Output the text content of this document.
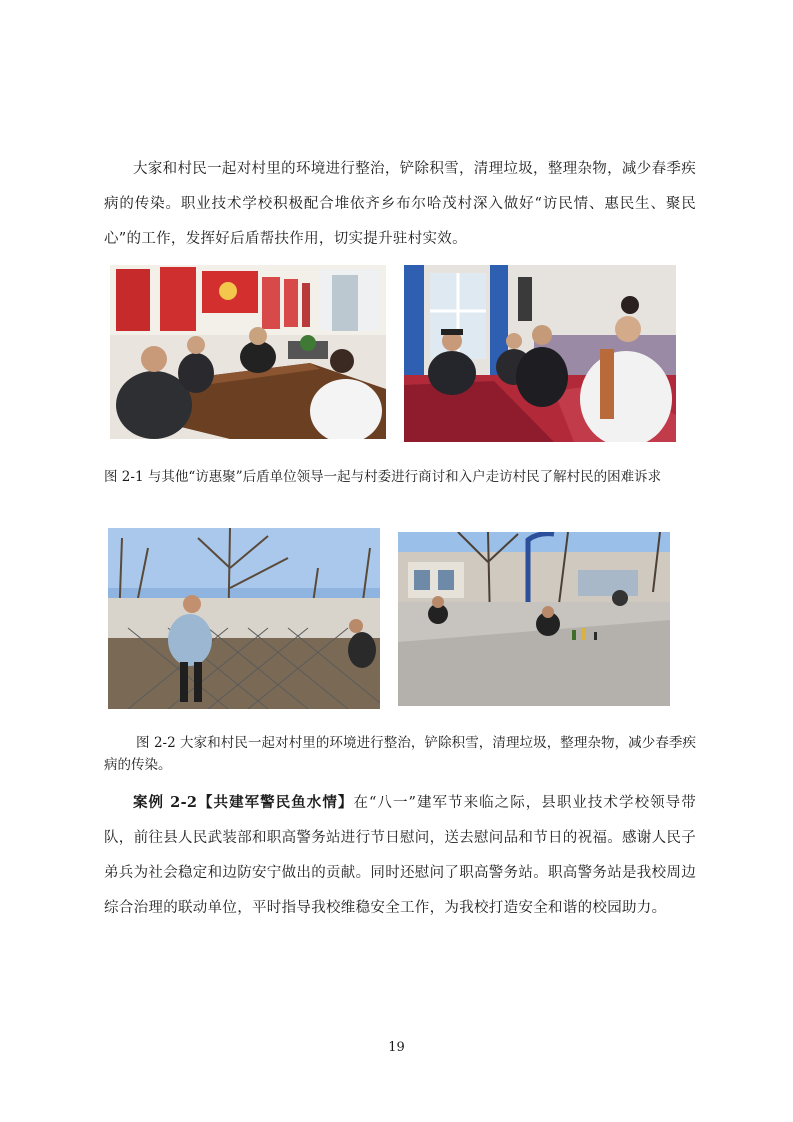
大家和村民一起对村里的环境进行整治，铲除积雪，清理垃圾，整理杂物，减少春季疾病的传染。职业技术学校积极配合堆依齐乡布尔哈茂村深入做好“访民情、惠民生、聚民心”的工作，发挥好后盾帮扶作用，切实提升驻村实效。

图 2-1 与其他“访惠聚”后盾单位领导一起与村委进行商讨和入户走访村民了解村民的困难诉求

图 2-2 大家和村民一起对村里的环境进行整治，铲除积雪，清理垃圾，整理杂物，减少春季疾病的传染。

案例 2-2【共建军警民鱼水情】在“八一”建军节来临之际，县职业技术学校领导带队，前往县人民武装部和职高警务站进行节日慰问，送去慰问品和节日的祝福。感谢人民子弟兵为社会稳定和边防安宁做出的贡献。同时还慰问了职高警务站。职高警务站是我校周边综合治理的联动单位，平时指导我校维稳安全工作，为我校打造安全和谐的校园助力。

19
